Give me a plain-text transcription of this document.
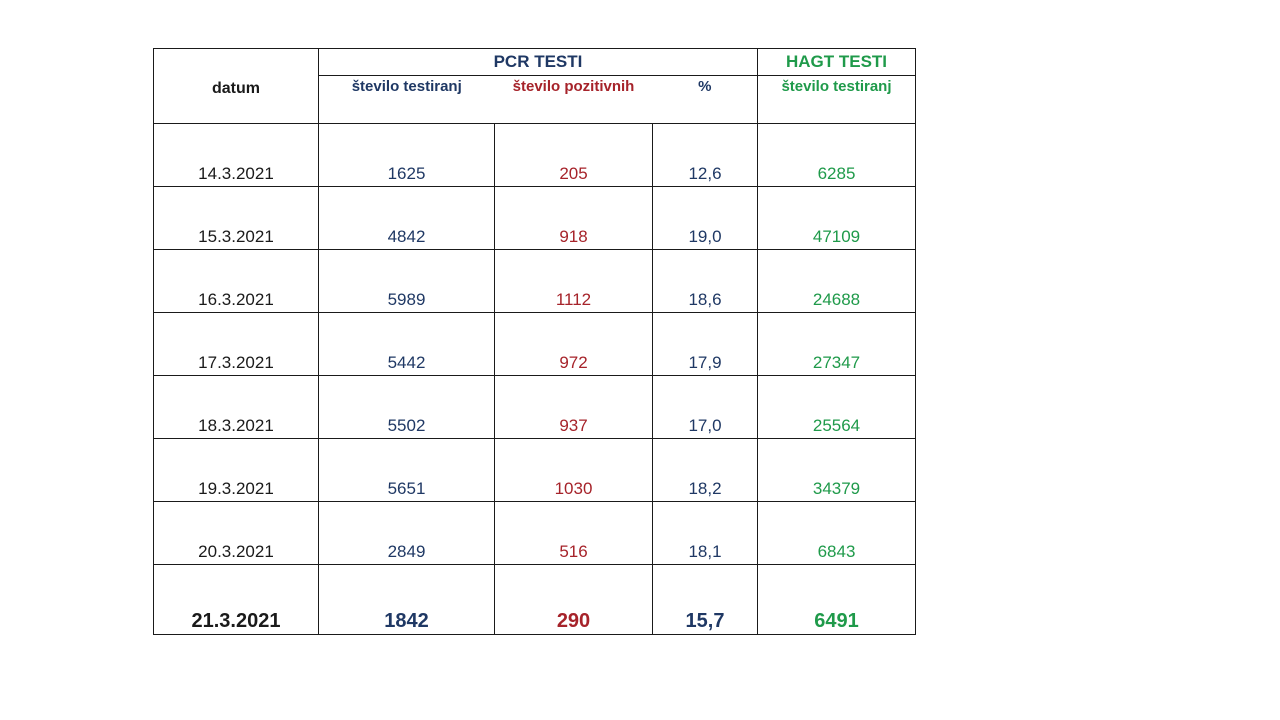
datum	PCR TESTI			HAGT TESTI
	število testiranj	število pozitivnih	%	število testiranj
14.3.2021	1625	205	12,6	6285
15.3.2021	4842	918	19,0	47109
16.3.2021	5989	1112	18,6	24688
17.3.2021	5442	972	17,9	27347
18.3.2021	5502	937	17,0	25564
19.3.2021	5651	1030	18,2	34379
20.3.2021	2849	516	18,1	6843
21.3.2021	1842	290	15,7	6491
